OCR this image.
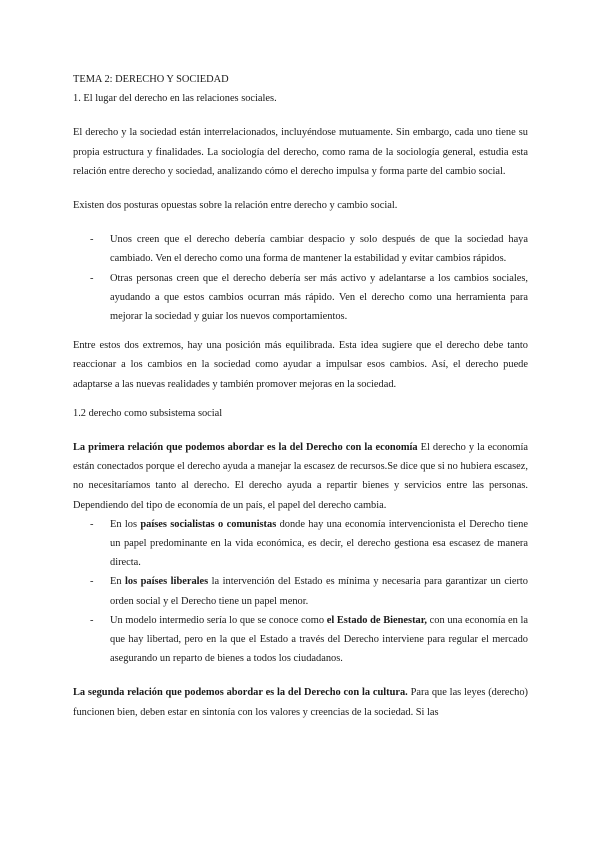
TEMA 2: DERECHO Y SOCIEDAD

1. El lugar del derecho en las relaciones sociales.

El derecho y la sociedad están interrelacionados, incluyéndose mutuamente. Sin embargo, cada uno tiene su propia estructura y finalidades. La sociología del derecho, como rama de la sociología general, estudia esta relación entre derecho y sociedad, analizando cómo el derecho impulsa y forma parte del cambio social.

Existen dos posturas opuestas sobre la relación entre derecho y cambio social.

- Unos creen que el derecho debería cambiar despacio y solo después de que la sociedad haya cambiado. Ven el derecho como una forma de mantener la estabilidad y evitar cambios rápidos.
- Otras personas creen que el derecho debería ser más activo y adelantarse a los cambios sociales, ayudando a que estos cambios ocurran más rápido. Ven el derecho como una herramienta para mejorar la sociedad y guiar los nuevos comportamientos.

Entre estos dos extremos, hay una posición más equilibrada. Esta idea sugiere que el derecho debe tanto reaccionar a los cambios en la sociedad como ayudar a impulsar esos cambios. Así, el derecho puede adaptarse a las nuevas realidades y también promover mejoras en la sociedad.

1.2 derecho como subsistema social

La primera relación que podemos abordar es la del Derecho con la economía El derecho y la economía están conectados porque el derecho ayuda a manejar la escasez de recursos.Se dice que si no hubiera escasez, no necesitaríamos tanto al derecho. El derecho ayuda a repartir bienes y servicios entre las personas. Dependiendo del tipo de economía de un país, el papel del derecho cambia.

- En los países socialistas o comunistas donde hay una economía intervencionista el Derecho tiene un papel predominante en la vida económica, es decir, el derecho gestiona esa escasez de manera directa.
- En los países liberales la intervención del Estado es mínima y necesaria para garantizar un cierto orden social y el Derecho tiene un papel menor.
- Un modelo intermedio sería lo que se conoce como el Estado de Bienestar, con una economía en la que hay libertad, pero en la que el Estado a través del Derecho interviene para regular el mercado asegurando un reparto de bienes a todos los ciudadanos.

La segunda relación que podemos abordar es la del Derecho con la cultura. Para que las leyes (derecho) funcionen bien, deben estar en sintonía con los valores y creencias de la sociedad. Si las
